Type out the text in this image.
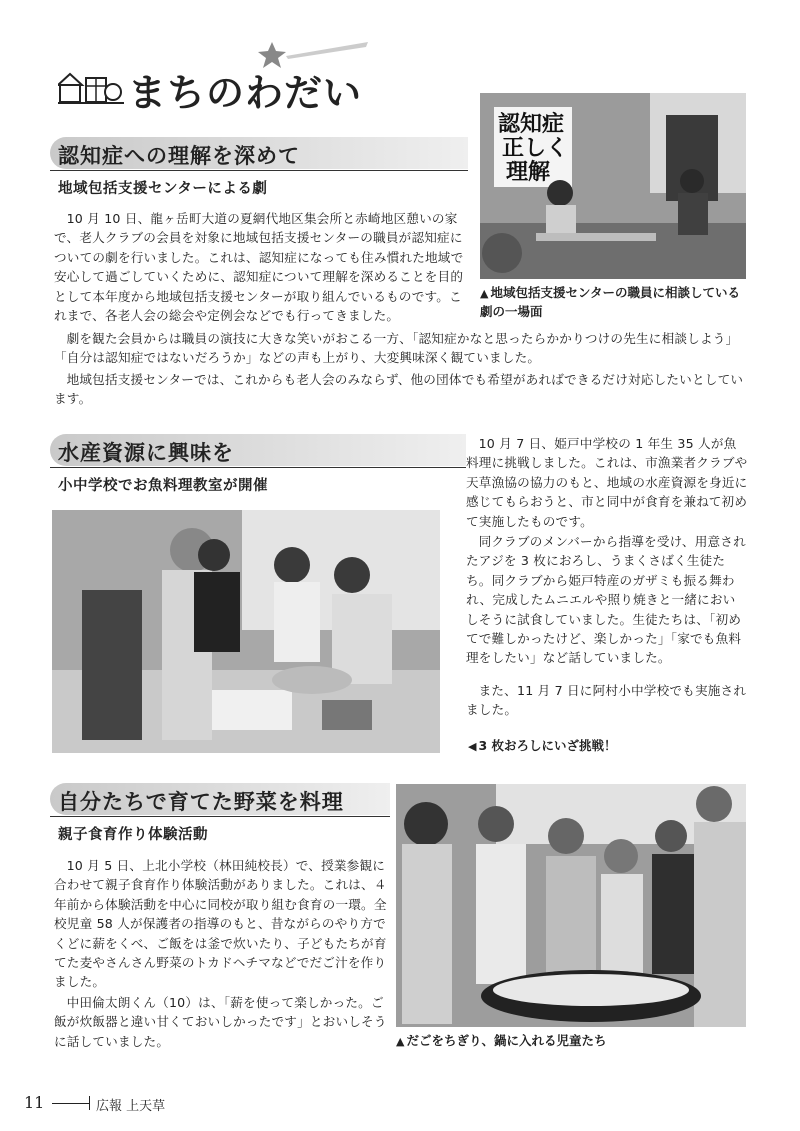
まちのわだい
認知症への理解を深めて
地域包括支援センターによる劇
認知症
正しく
理解
▲ 地域包括支援センターの職員に相談している劇の一場面

10 月 10 日、龍ヶ岳町大道の夏網代地区集会所と赤崎地区憩いの家で、老人クラブの会員を対象に地域包括支援センターの職員が認知症についての劇を行いました。これは、認知症になっても住み慣れた地域で安心して過ごしていくために、認知症について理解を深めることを目的として本年度から地域包括支援センターが取り組んでいるものです。これまで、各老人会の総会や定例会などでも行ってきました。

劇を観た会員からは職員の演技に大きな笑いがおこる一方、「認知症かなと思ったらかかりつけの先生に相談しよう」「自分は認知症ではないだろうか」などの声も上がり、大変興味深く観ていました。

地域包括支援センターでは、これからも老人会のみならず、他の団体でも希望があればできるだけ対応したいとしています。

水産資源に興味を
小中学校でお魚料理教室が開催
◀ 3 枚おろしにいざ挑戦！

10 月 7 日、姫戸中学校の 1 年生 35 人が魚料理に挑戦しました。これは、市漁業者クラブや天草漁協の協力のもと、地域の水産資源を身近に感じてもらおうと、市と同中が食育を兼ねて初めて実施したものです。

同クラブのメンバーから指導を受け、用意されたアジを 3 枚におろし、うまくさばく生徒たち。同クラブから姫戸特産のガザミも振る舞われ、完成したムニエルや照り焼きと一緒においしそうに試食していました。生徒たちは、「初めてで難しかったけど、楽しかった」「家でも魚料理をしたい」など話していました。

また、11 月 7 日に阿村小中学校でも実施されました。

自分たちで育てた野菜を料理
親子食育作り体験活動

10 月 5 日、上北小学校（林田純校長）で、授業参観に合わせて親子食育作り体験活動がありました。これは、４年前から体験活動を中心に同校が取り組む食育の一環。全校児童 58 人が保護者の指導のもと、昔ながらのやり方でくどに薪をくべ、ご飯をは釜で炊いたり、子どもたちが育てた麦やさんさん野菜のトカドヘチマなどでだご汁を作りました。

中田倫太朗くん（10）は、「薪を使って楽しかった。ご飯が炊飯器と違い甘くておいしかったです」とおいしそうに話していました。	▲ だごをちぎり、鍋に入れる児童たち
11	広報 上天草
